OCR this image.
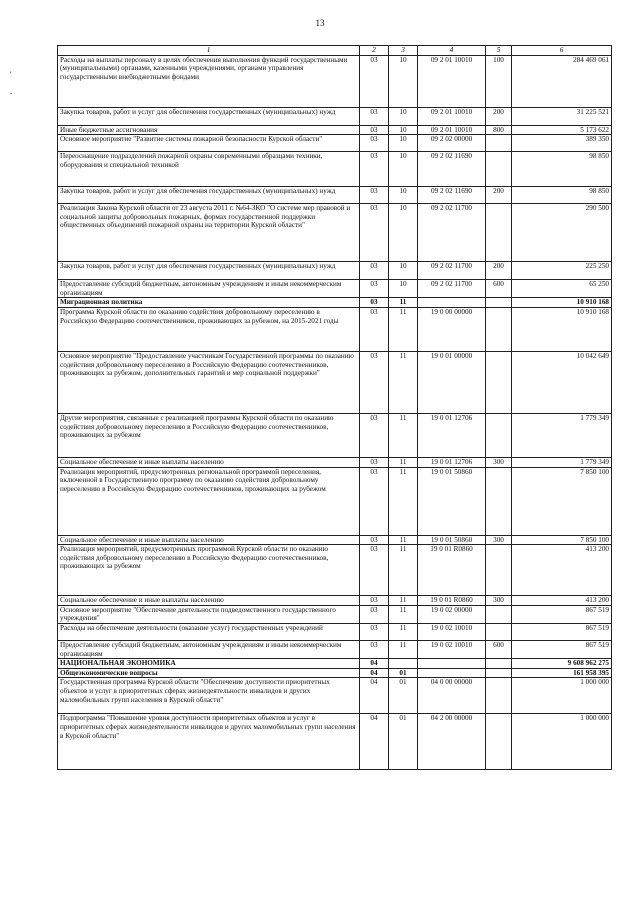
13
'
.
1	2	3	4	5	6
Расходы на выплаты персоналу в целях обеспечения выполнения функций государственными (муниципальными) органами, казенными учреждениями, органами управления государственными внебюджетными фондами	03	10	09 2 01 10010	100	284 469 061
Закупка товаров, работ и услуг для обеспечения государственных (муниципальных) нужд	03	10	09 2 01 10010	200	31 225 521
Иные бюджетные ассигнования	03	10	09 2 01 10010	800	5 173 622
Основное мероприятие "Развитие системы пожарной безопасности Курской области"	03	10	09 2 02 00000		389 350
Переоснащение подразделений пожарной охраны современными образцами техники, оборудования и специальной техникой	03	10	09 2 02 11690		98 850
Закупка товаров, работ и услуг для обеспечения государственных (муниципальных) нужд	03	10	09 2 02 11690	200	98 850
Реализация Закона Курской области от 23 августа 2011 г. №64-ЗКО "О системе мер правовой и социальной защиты добровольных пожарных, формах государственной поддержки общественных объединений пожарной охраны на территории Курской области"	03	10	09 2 02 11700		290 500
Закупка товаров, работ и услуг для обеспечения государственных (муниципальных) нужд	03	10	09 2 02 11700	200	225 250
Предоставление субсидий бюджетным, автономным учреждениям и иным некоммерческим организациям	03	10	09 2 02 11700	600	65 250
Миграционная политика	03	11			10 910 168
Программа Курской области по оказанию содействия добровольному переселению в Российскую Федерацию соотечественников, проживающих за рубежом, на 2015-2021 годы	03	11	19 0 00 00000		10 910 168
Основное мероприятие "Предоставление участникам Государственной программы по оказанию содействия добровольному переселению в Российскую Федерацию соотечественников, проживающих за рубежом, дополнительных гарантий и мер социальной поддержки"	03	11	19 0 01 00000		10 042 649
Другие мероприятия, связанные с реализацией программы Курской области по оказанию содействия добровольному переселению в Российскую Федерацию соотечественников, проживающих за рубежом	03	11	19 0 01 12706		1 779 349
Социальное обеспечение и иные выплаты населению	03	11	19 0 01 12706	300	1 779 349
Реализация мероприятий, предусмотренных региональной программой переселения, включенной в Государственную программу по оказанию содействия добровольному переселению в Российскую Федерацию соотечественников, проживающих за рубежом	03	11	19 0 01 50860		7 850 100
Социальное обеспечение и иные выплаты населению	03	11	19 0 01 50860	300	7 850 100
Реализация мероприятий, предусмотренных программой Курской области по оказанию содействия добровольному переселению в Российскую Федерацию соотечественников, проживающих за рубежом	03	11	19 0 01 R0860		413 200
Социальное обеспечение и иные выплаты населению	03	11	19 0 01 R0860	300	413 200
Основное мероприятие "Обеспечение деятельности подведомственного государственного учреждения"	03	11	19 0 02 00000		867 519
Расходы на обеспечение деятельности (оказание услуг) государственных учреждений	03	11	19 0 02 10010		867 519
Предоставление субсидий бюджетным, автономным учреждениям и иным некоммерческим организациям	03	11	19 0 02 10010	600	867 519
НАЦИОНАЛЬНАЯ ЭКОНОМИКА	04				9 608 962 275
Общеэкономические вопросы	04	01			161 958 395
Государственная программа Курской области "Обеспечение доступности приоритетных объектов и услуг в приоритетных сферах жизнедеятельности инвалидов и других маломобильных групп населения в Курской области"	04	01	04 0 00 00000		1 000 000
Подпрограмма "Повышение уровня доступности приоритетных объектов и услуг в приоритетных сферах жизнедеятельности инвалидов и других маломобильных групп населения в Курской области"	04	01	04 2 00 00000		1 000 000
